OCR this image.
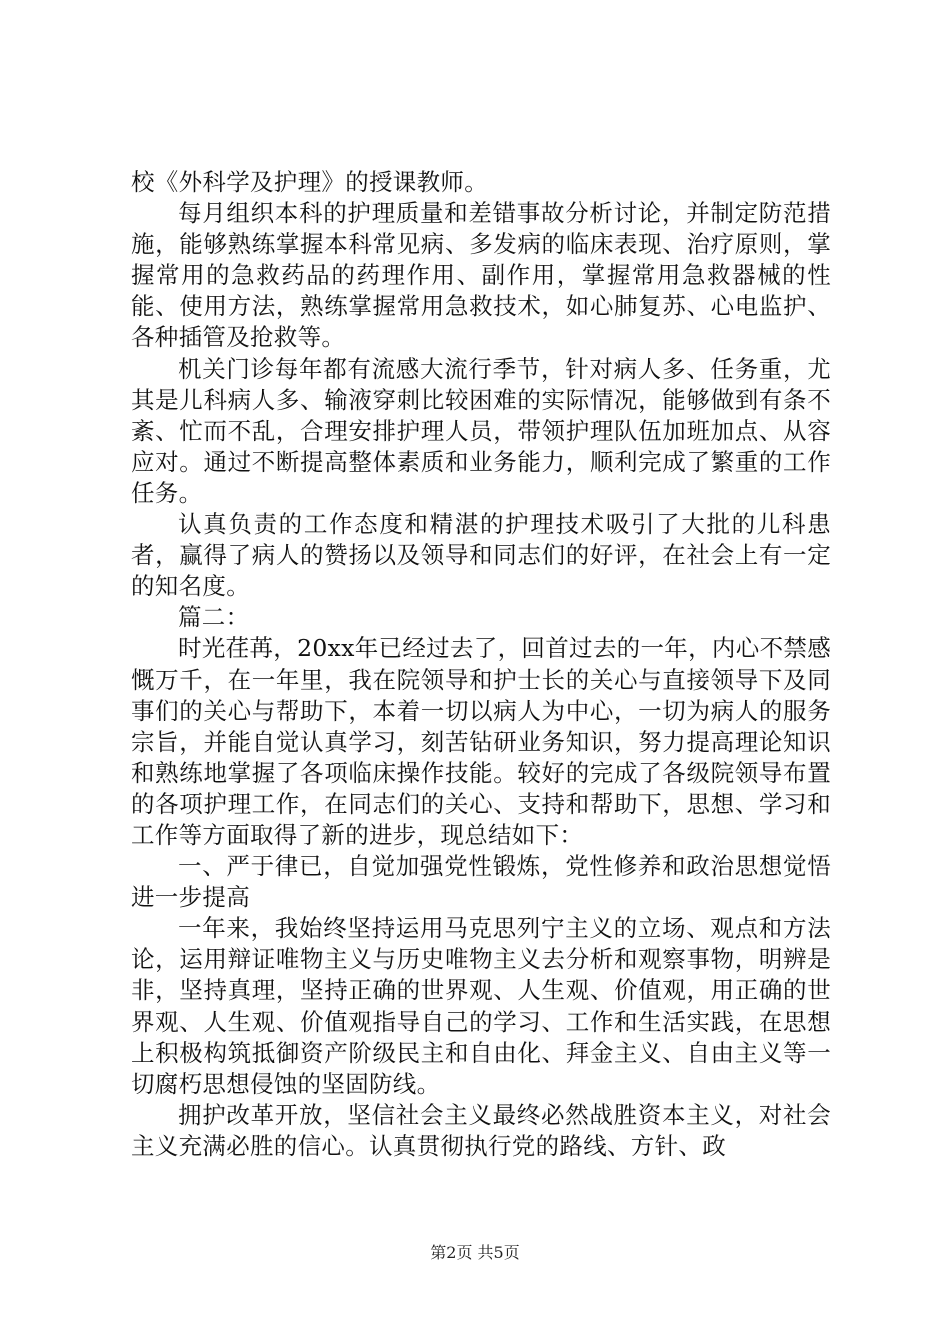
校《外科学及护理》的授课教师。

每月组织本科的护理质量和差错事故分析讨论，并制定防范措施，能够熟练掌握本科常见病、多发病的临床表现、治疗原则，掌握常用的急救药品的药理作用、副作用，掌握常用急救器械的性能、使用方法，熟练掌握常用急救技术，如心肺复苏、心电监护、各种插管及抢救等。

机关门诊每年都有流感大流行季节，针对病人多、任务重，尤其是儿科病人多、输液穿刺比较困难的实际情况，能够做到有条不紊、忙而不乱，合理安排护理人员，带领护理队伍加班加点、从容应对。通过不断提高整体素质和业务能力，顺利完成了繁重的工作任务。

认真负责的工作态度和精湛的护理技术吸引了大批的儿科患者，赢得了病人的赞扬以及领导和同志们的好评，在社会上有一定的知名度。

篇二：

时光荏苒，20xx年已经过去了，回首过去的一年，内心不禁感慨万千，在一年里，我在院领导和护士长的关心与直接领导下及同事们的关心与帮助下，本着一切以病人为中心，一切为病人的服务宗旨，并能自觉认真学习，刻苦钻研业务知识，努力提高理论知识和熟练地掌握了各项临床操作技能。较好的完成了各级院领导布置的各项护理工作，在同志们的关心、支持和帮助下，思想、学习和工作等方面取得了新的进步，现总结如下：

一、严于律已，自觉加强党性锻炼，党性修养和政治思想觉悟进一步提高

一年来，我始终坚持运用马克思列宁主义的立场、观点和方法论，运用辩证唯物主义与历史唯物主义去分析和观察事物，明辨是非，坚持真理，坚持正确的世界观、人生观、价值观，用正确的世界观、人生观、价值观指导自己的学习、工作和生活实践，在思想上积极构筑抵御资产阶级民主和自由化、拜金主义、自由主义等一切腐朽思想侵蚀的坚固防线。

拥护改革开放，坚信社会主义最终必然战胜资本主义，对社会主义充满必胜的信心。认真贯彻执行党的路线、方针、政

第2页 共5页
